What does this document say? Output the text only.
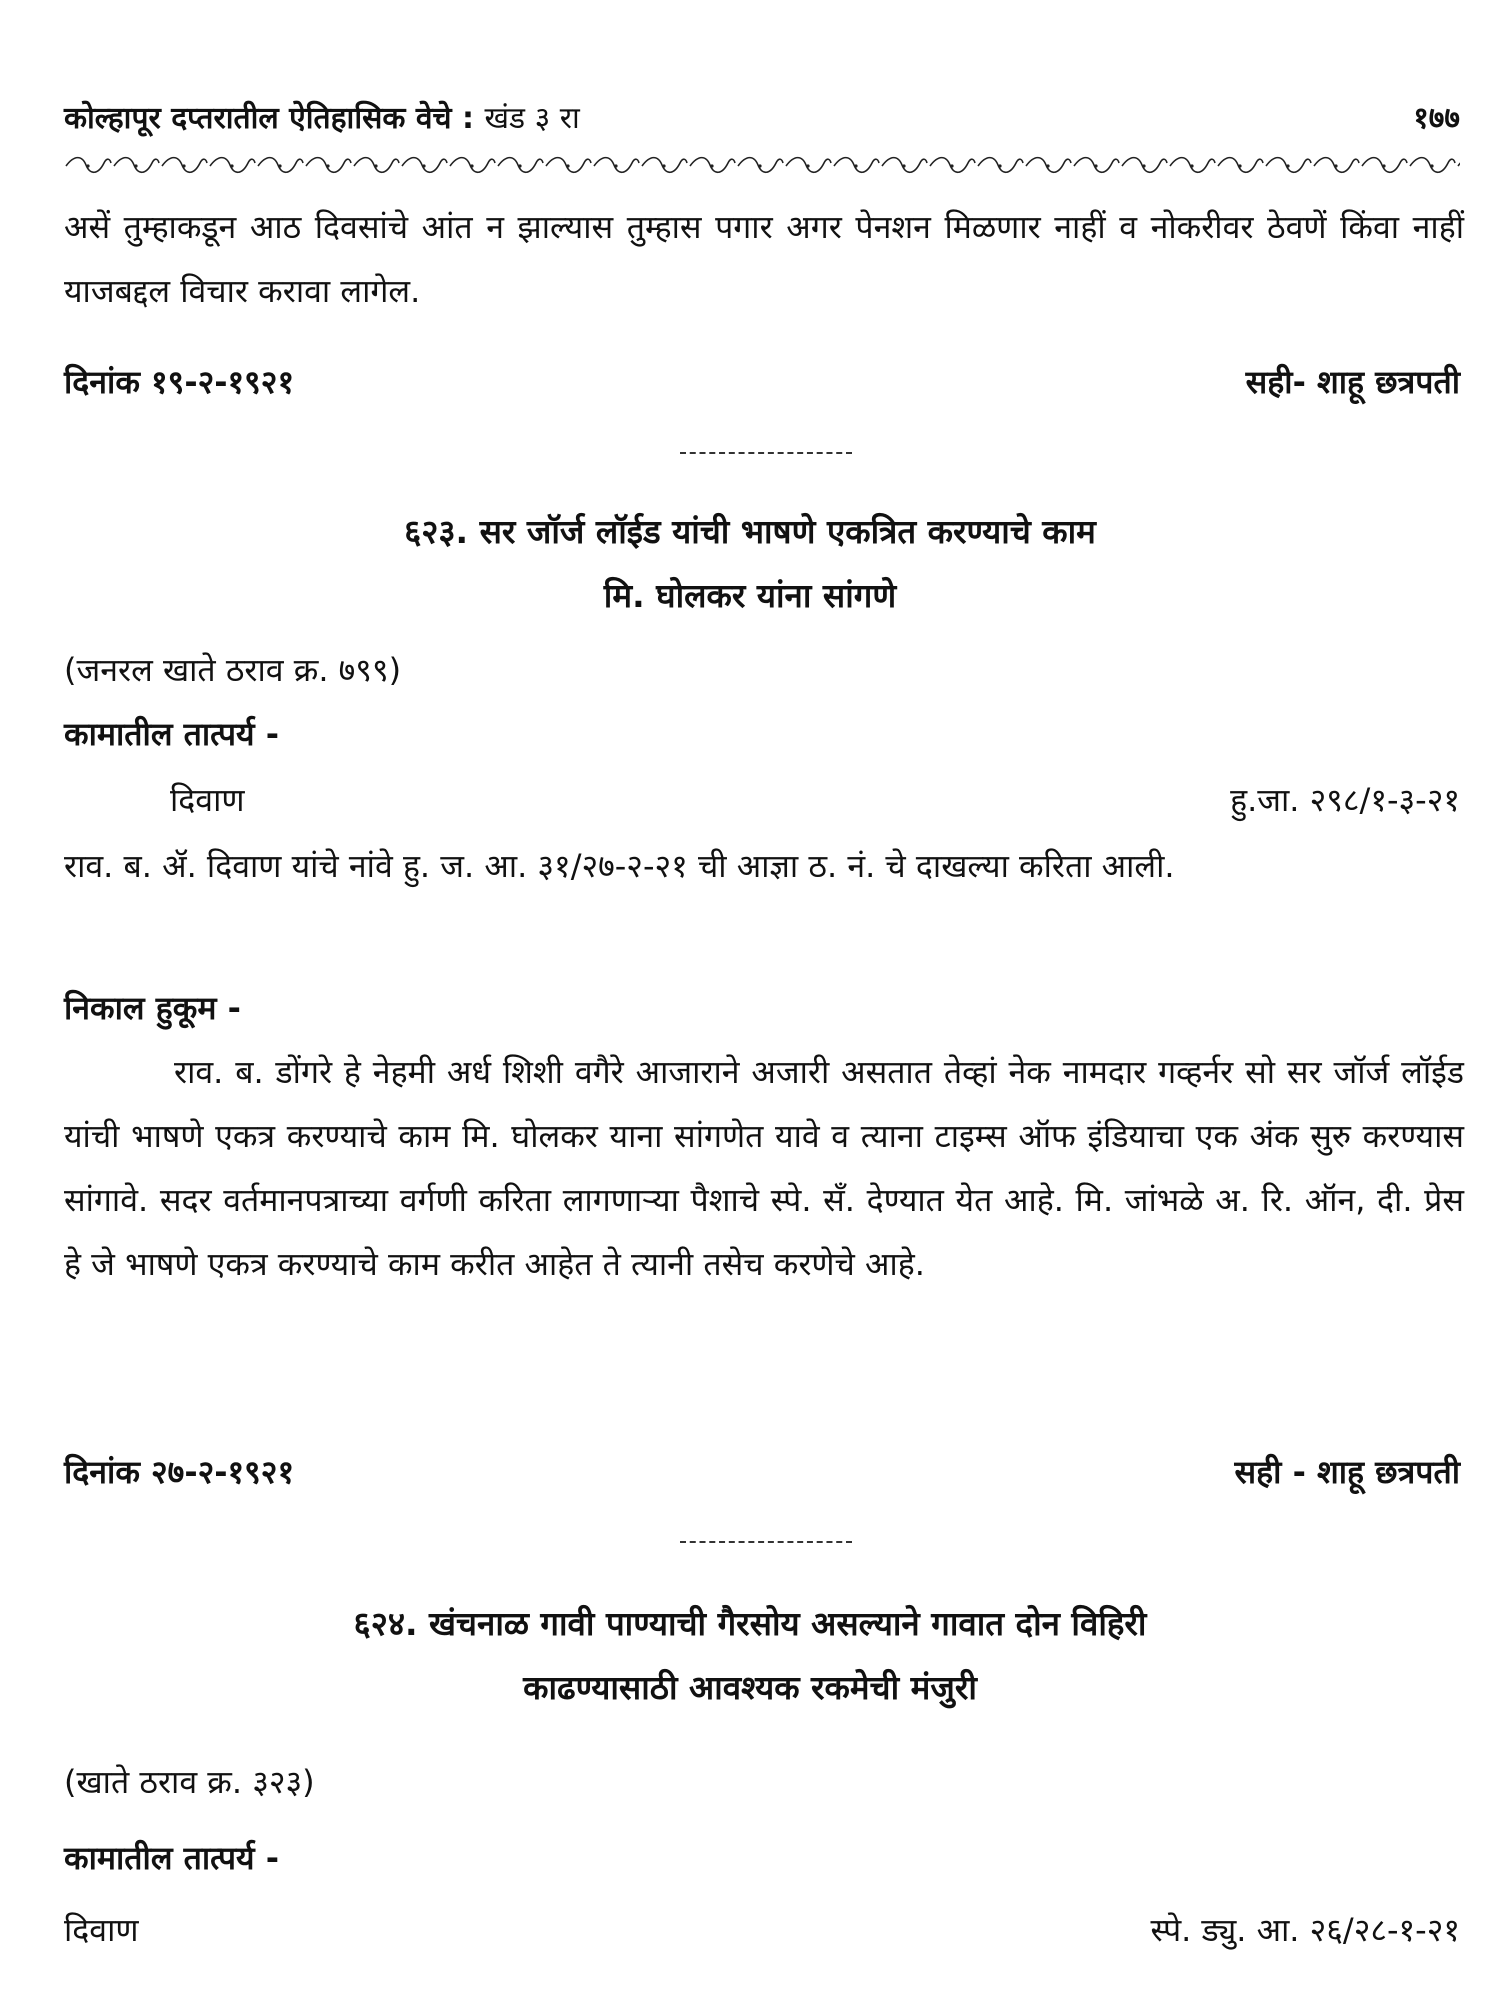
कोल्हापूर दप्तरातील ऐतिहासिक वेचे : खंड ३ रा	१७७
असें तुम्हाकडून आठ दिवसांचे आंत न झाल्यास तुम्हास पगार अगर पेनशन मिळणार नाहीं व नोकरीवर ठेवणें किंवा नाहीं याजबद्दल विचार करावा लागेल.
दिनांक १९-२-१९२१	सही- शाहू छत्रपती
६२३. सर जॉर्ज लॉईड यांची भाषणे एकत्रित करण्याचे काम
मि. घोलकर यांना सांगणे
(जनरल खाते ठराव क्र. ७९९)
कामातील तात्पर्य -
दिवाण	हु.जा. २९८/१-३-२१
राव. ब. ॲ. दिवाण यांचे नांवे हु. ज. आ. ३१/२७-२-२१ ची आज्ञा ठ. नं. चे दाखल्या करिता आली.
निकाल हुकूम -
राव. ब. डोंगरे हे नेहमी अर्ध शिशी वगैरे आजाराने अजारी असतात तेव्हां नेक नामदार गव्हर्नर सो सर जॉर्ज लॉईड यांची भाषणे एकत्र करण्याचे काम मि. घोलकर याना सांगणेत यावे व त्याना टाइम्स ऑफ इंडियाचा एक अंक सुरु करण्यास सांगावे. सदर वर्तमानपत्राच्या वर्गणी करिता लागणाऱ्या पैशाचे स्पे. सँ. देण्यात येत आहे. मि. जांभळे अ. रि. ऑन, दी. प्रेस हे जे भाषणे एकत्र करण्याचे काम करीत आहेत ते त्यानी तसेच करणेचे आहे.
दिनांक २७-२-१९२१	सही - शाहू छत्रपती
६२४. खंचनाळ गावी पाण्याची गैरसोय असल्याने गावात दोन विहिरी
काढण्यासाठी आवश्यक रकमेची मंजुरी
(खाते ठराव क्र. ३२३)
कामातील तात्पर्य -
दिवाण	स्पे. ड्यु. आ. २६/२८-१-२१
